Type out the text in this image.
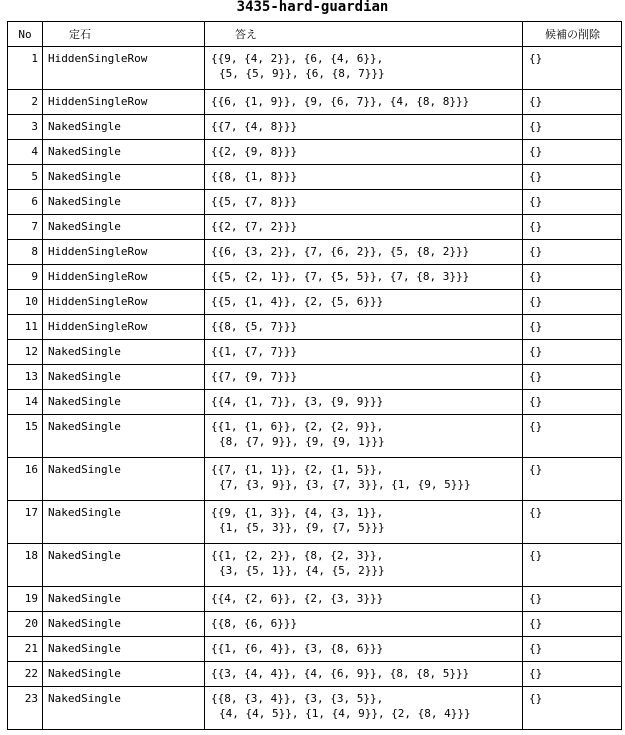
3435-hard-guardian
No	定石	答え	候補の削除
1	HiddenSingleRow	{{9, {4, 2}}, {6, {4, 6}},
{5, {5, 9}}, {6, {8, 7}}}	{}
2	HiddenSingleRow	{{6, {1, 9}}, {9, {6, 7}}, {4, {8, 8}}}	{}
3	NakedSingle	{{7, {4, 8}}}	{}
4	NakedSingle	{{2, {9, 8}}}	{}
5	NakedSingle	{{8, {1, 8}}}	{}
6	NakedSingle	{{5, {7, 8}}}	{}
7	NakedSingle	{{2, {7, 2}}}	{}
8	HiddenSingleRow	{{6, {3, 2}}, {7, {6, 2}}, {5, {8, 2}}}	{}
9	HiddenSingleRow	{{5, {2, 1}}, {7, {5, 5}}, {7, {8, 3}}}	{}
10	HiddenSingleRow	{{5, {1, 4}}, {2, {5, 6}}}	{}
11	HiddenSingleRow	{{8, {5, 7}}}	{}
12	NakedSingle	{{1, {7, 7}}}	{}
13	NakedSingle	{{7, {9, 7}}}	{}
14	NakedSingle	{{4, {1, 7}}, {3, {9, 9}}}	{}
15	NakedSingle	{{1, {1, 6}}, {2, {2, 9}},
{8, {7, 9}}, {9, {9, 1}}}	{}
16	NakedSingle	{{7, {1, 1}}, {2, {1, 5}},
{7, {3, 9}}, {3, {7, 3}}, {1, {9, 5}}}	{}
17	NakedSingle	{{9, {1, 3}}, {4, {3, 1}},
{1, {5, 3}}, {9, {7, 5}}}	{}
18	NakedSingle	{{1, {2, 2}}, {8, {2, 3}},
{3, {5, 1}}, {4, {5, 2}}}	{}
19	NakedSingle	{{4, {2, 6}}, {2, {3, 3}}}	{}
20	NakedSingle	{{8, {6, 6}}}	{}
21	NakedSingle	{{1, {6, 4}}, {3, {8, 6}}}	{}
22	NakedSingle	{{3, {4, 4}}, {4, {6, 9}}, {8, {8, 5}}}	{}
23	NakedSingle	{{8, {3, 4}}, {3, {3, 5}},
{4, {4, 5}}, {1, {4, 9}}, {2, {8, 4}}}	{}
